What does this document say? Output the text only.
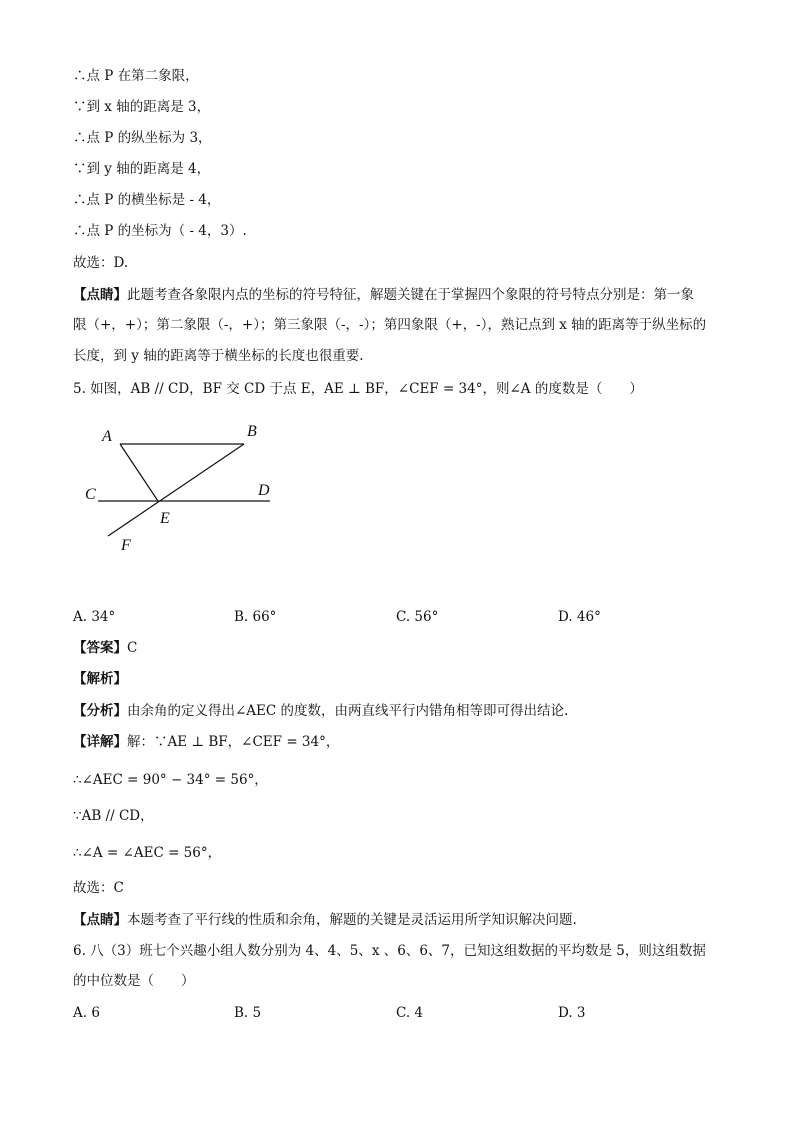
∴点 P 在第二象限，
∵到 x 轴的距离是 3，
∴点 P 的纵坐标为 3，
∵到 y 轴的距离是 4，
∴点 P 的横坐标是 - 4，
∴点 P 的坐标为（ - 4，3）.
故选：D.
【点睛】此题考查各象限内点的坐标的符号特征，解题关键在于掌握四个象限的符号特点分别是：第一象
限（+，+）；第二象限（-，+）；第三象限（-，-）；第四象限（+，-），熟记点到 x 轴的距离等于纵坐标的
长度，到 y 轴的距离等于横坐标的长度也很重要.
5. 如图，AB // CD，BF 交 CD 于点 E，AE ⊥ BF，∠CEF = 34°，则∠A 的度数是（　　）
A	B
C	D
E
F
A. 34°	B. 66°	C. 56°	D. 46°
【答案】C
【解析】
【分析】由余角的定义得出∠AEC 的度数，由两直线平行内错角相等即可得出结论.
【详解】解：∵AE ⊥ BF，∠CEF = 34°，
∴∠AEC = 90° − 34° = 56°，
∵AB // CD，
∴∠A = ∠AEC = 56°，
故选：C
【点睛】本题考查了平行线的性质和余角，解题的关键是灵活运用所学知识解决问题.
6. 八（3）班七个兴趣小组人数分别为 4、4、5、x 、6、6、7，已知这组数据的平均数是 5，则这组数据
的中位数是（　　）
A. 6	B. 5	C. 4	D. 3
